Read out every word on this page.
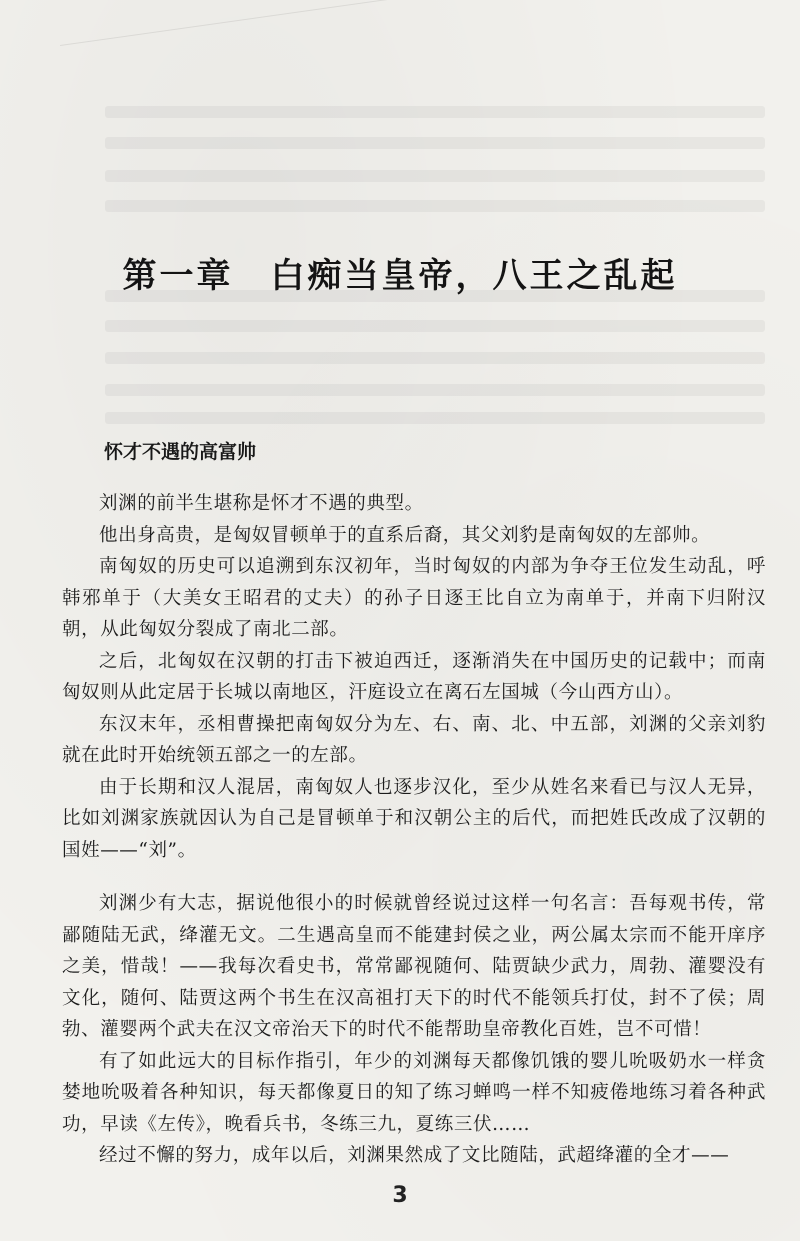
第一章　白痴当皇帝，八王之乱起
怀才不遇的高富帅

刘渊的前半生堪称是怀才不遇的典型。

他出身高贵，是匈奴冒顿单于的直系后裔，其父刘豹是南匈奴的左部帅。

南匈奴的历史可以追溯到东汉初年，当时匈奴的内部为争夺王位发生动乱，呼韩邪单于（大美女王昭君的丈夫）的孙子日逐王比自立为南单于，并南下归附汉朝，从此匈奴分裂成了南北二部。

之后，北匈奴在汉朝的打击下被迫西迁，逐渐消失在中国历史的记载中；而南匈奴则从此定居于长城以南地区，汗庭设立在离石左国城（今山西方山）。

东汉末年，丞相曹操把南匈奴分为左、右、南、北、中五部，刘渊的父亲刘豹就在此时开始统领五部之一的左部。

由于长期和汉人混居，南匈奴人也逐步汉化，至少从姓名来看已与汉人无异，比如刘渊家族就因认为自己是冒顿单于和汉朝公主的后代，而把姓氏改成了汉朝的国姓——“刘”。

刘渊少有大志，据说他很小的时候就曾经说过这样一句名言：吾每观书传，常鄙随陆无武，绛灌无文。二生遇高皇而不能建封侯之业，两公属太宗而不能开庠序之美，惜哉！——我每次看史书，常常鄙视随何、陆贾缺少武力，周勃、灌婴没有文化，随何、陆贾这两个书生在汉高祖打天下的时代不能领兵打仗，封不了侯；周勃、灌婴两个武夫在汉文帝治天下的时代不能帮助皇帝教化百姓，岂不可惜！

有了如此远大的目标作指引，年少的刘渊每天都像饥饿的婴儿吮吸奶水一样贪婪地吮吸着各种知识，每天都像夏日的知了练习蝉鸣一样不知疲倦地练习着各种武功，早读《左传》，晚看兵书，冬练三九，夏练三伏……

经过不懈的努力，成年以后，刘渊果然成了文比随陆，武超绛灌的全才——

3
